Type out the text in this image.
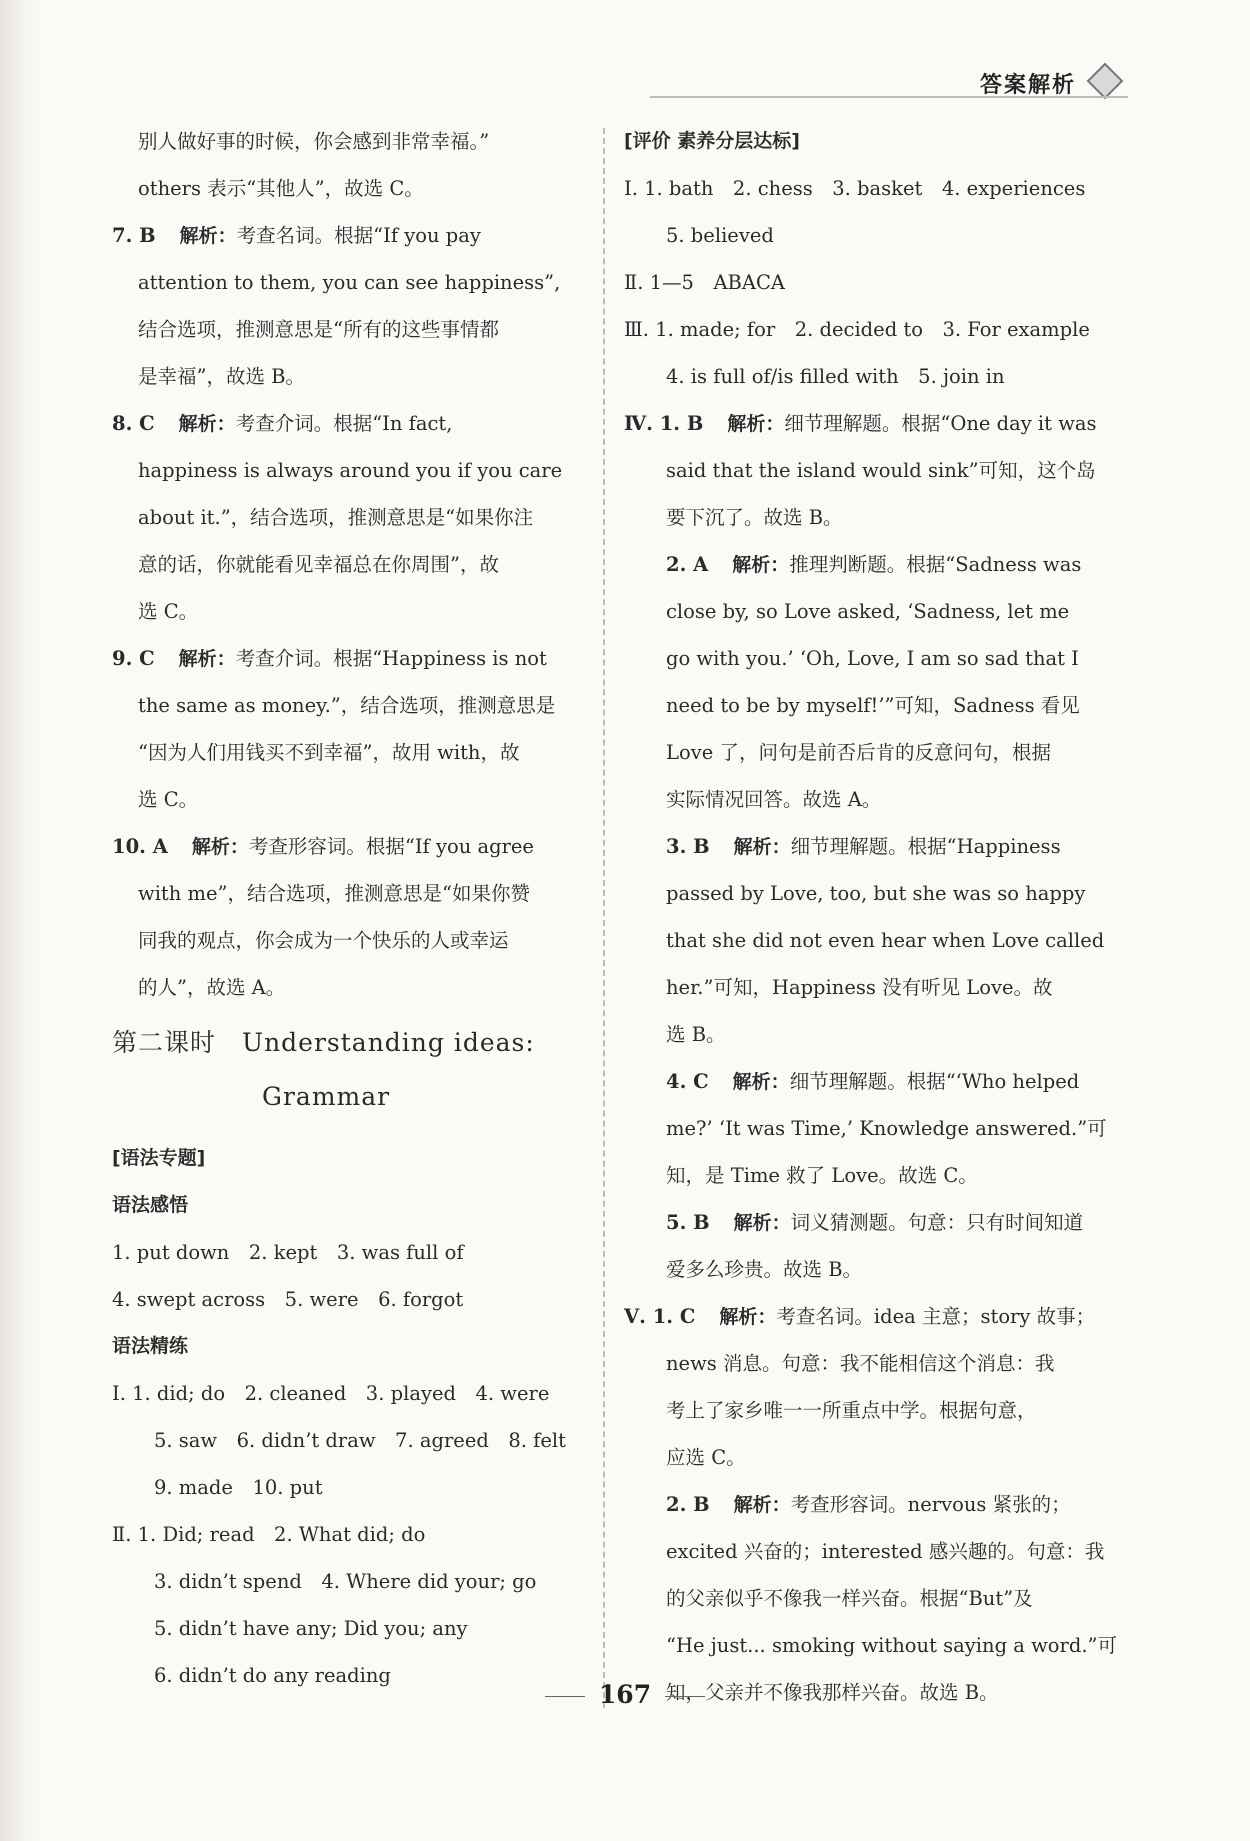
答案解析
别人做好事的时候，你会感到非常幸福。”
others 表示“其他人”，故选 C。
7. B 解析：考查名词。根据“If you pay
attention to them, you can see happiness”,
结合选项，推测意思是“所有的这些事情都
是幸福”，故选 B。
8. C 解析：考查介词。根据“In fact,
happiness is always around you if you care
about it.”，结合选项，推测意思是“如果你注
意的话，你就能看见幸福总在你周围”，故
选 C。
9. C 解析：考查介词。根据“Happiness is not
the same as money.”，结合选项，推测意思是
“因为人们用钱买不到幸福”，故用 with，故
选 C。
10. A 解析：考查形容词。根据“If you agree
with me”，结合选项，推测意思是“如果你赞
同我的观点，你会成为一个快乐的人或幸运
的人”，故选 A。
第二课时　Understanding ideas:
Grammar
[语法专题]
语法感悟
1. put down　2. kept　3. was full of
4. swept across　5. were　6. forgot
语法精练
Ⅰ. 1. did; do　2. cleaned　3. played　4. were
5. saw　6. didn’t draw　7. agreed　8. felt
9. made　10. put
Ⅱ. 1. Did; read　2. What did; do
3. didn’t spend　4. Where did your; go
5. didn’t have any; Did you; any
6. didn’t do any reading
[评价 素养分层达标]
Ⅰ. 1. bath　2. chess　3. basket　4. experiences
5. believed
Ⅱ. 1—5　ABACA
Ⅲ. 1. made; for　2. decided to　3. For example
4. is full of/is filled with　5. join in
Ⅳ. 1. B 解析：细节理解题。根据“One day it was
said that the island would sink”可知，这个岛
要下沉了。故选 B。
2. A 解析：推理判断题。根据“Sadness was
close by, so Love asked, ‘Sadness, let me
go with you.’ ‘Oh, Love, I am so sad that I
need to be by myself!’”可知，Sadness 看见
Love 了，问句是前否后肯的反意问句，根据
实际情况回答。故选 A。
3. B 解析：细节理解题。根据“Happiness
passed by Love, too, but she was so happy
that she did not even hear when Love called
her.”可知，Happiness 没有听见 Love。故
选 B。
4. C 解析：细节理解题。根据“‘Who helped
me?’ ‘It was Time,’ Knowledge answered.”可
知，是 Time 救了 Love。故选 C。
5. B 解析：词义猜测题。句意：只有时间知道
爱多么珍贵。故选 B。
Ⅴ. 1. C 解析：考查名词。idea 主意；story 故事；
news 消息。句意：我不能相信这个消息：我
考上了家乡唯一一所重点中学。根据句意，
应选 C。
2. B 解析：考查形容词。nervous 紧张的；
excited 兴奋的；interested 感兴趣的。句意：我
的父亲似乎不像我一样兴奋。根据“But”及
“He just... smoking without saying a word.”可
知，父亲并不像我那样兴奋。故选 B。
167
